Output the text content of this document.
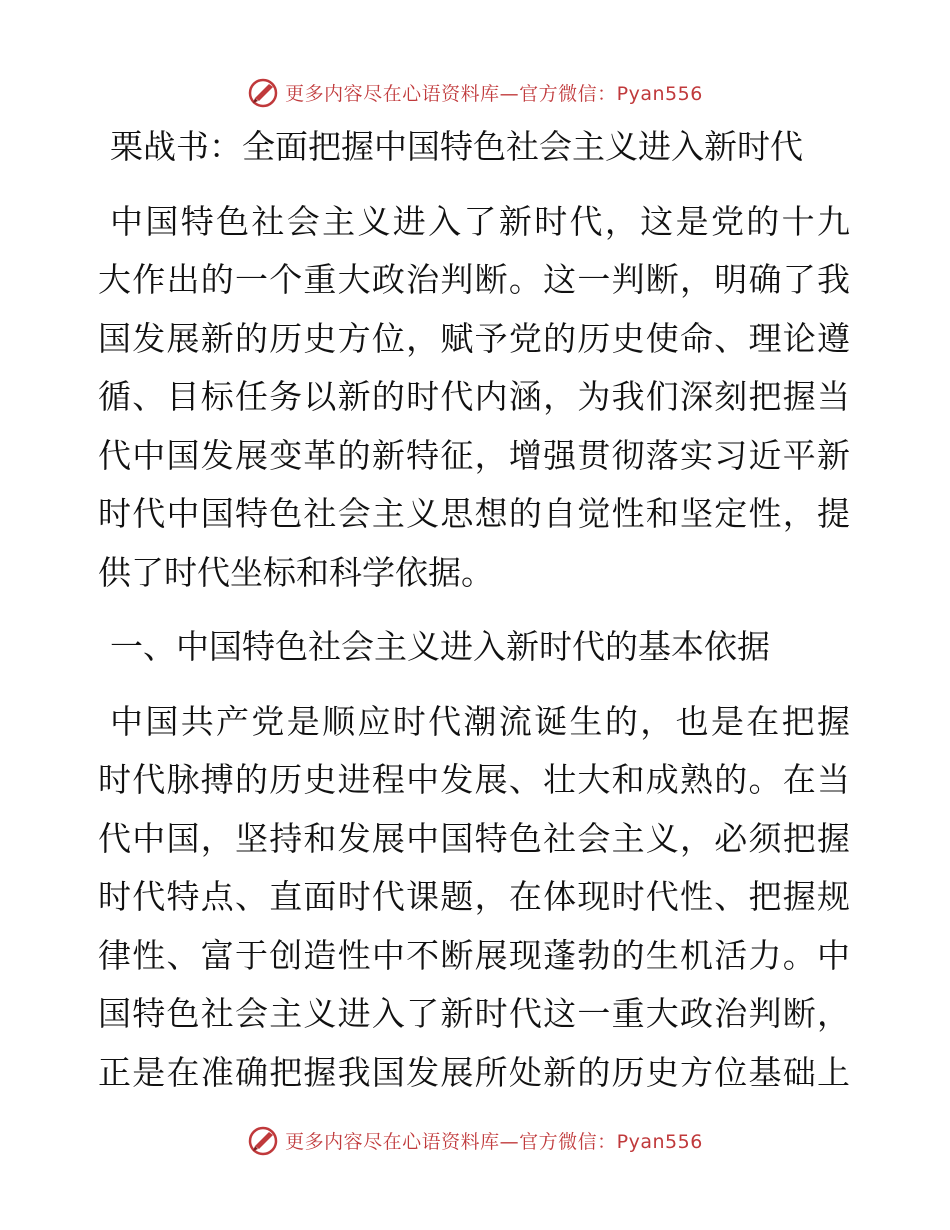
更多内容尽在心语资料库—官方微信：Pyan556
栗战书：全面把握中国特色社会主义进入新时代
中国特色社会主义进入了新时代，这是党的十九
大作出的一个重大政治判断。这一判断，明确了我
国发展新的历史方位，赋予党的历史使命、理论遵
循、目标任务以新的时代内涵，为我们深刻把握当
代中国发展变革的新特征，增强贯彻落实习近平新
时代中国特色社会主义思想的自觉性和坚定性，提
供了时代坐标和科学依据。
一、中国特色社会主义进入新时代的基本依据
中国共产党是顺应时代潮流诞生的，也是在把握
时代脉搏的历史进程中发展、壮大和成熟的。在当
代中国，坚持和发展中国特色社会主义，必须把握
时代特点、直面时代课题，在体现时代性、把握规
律性、富于创造性中不断展现蓬勃的生机活力。中
国特色社会主义进入了新时代这一重大政治判断，
正是在准确把握我国发展所处新的历史方位基础上
更多内容尽在心语资料库—官方微信：Pyan556
